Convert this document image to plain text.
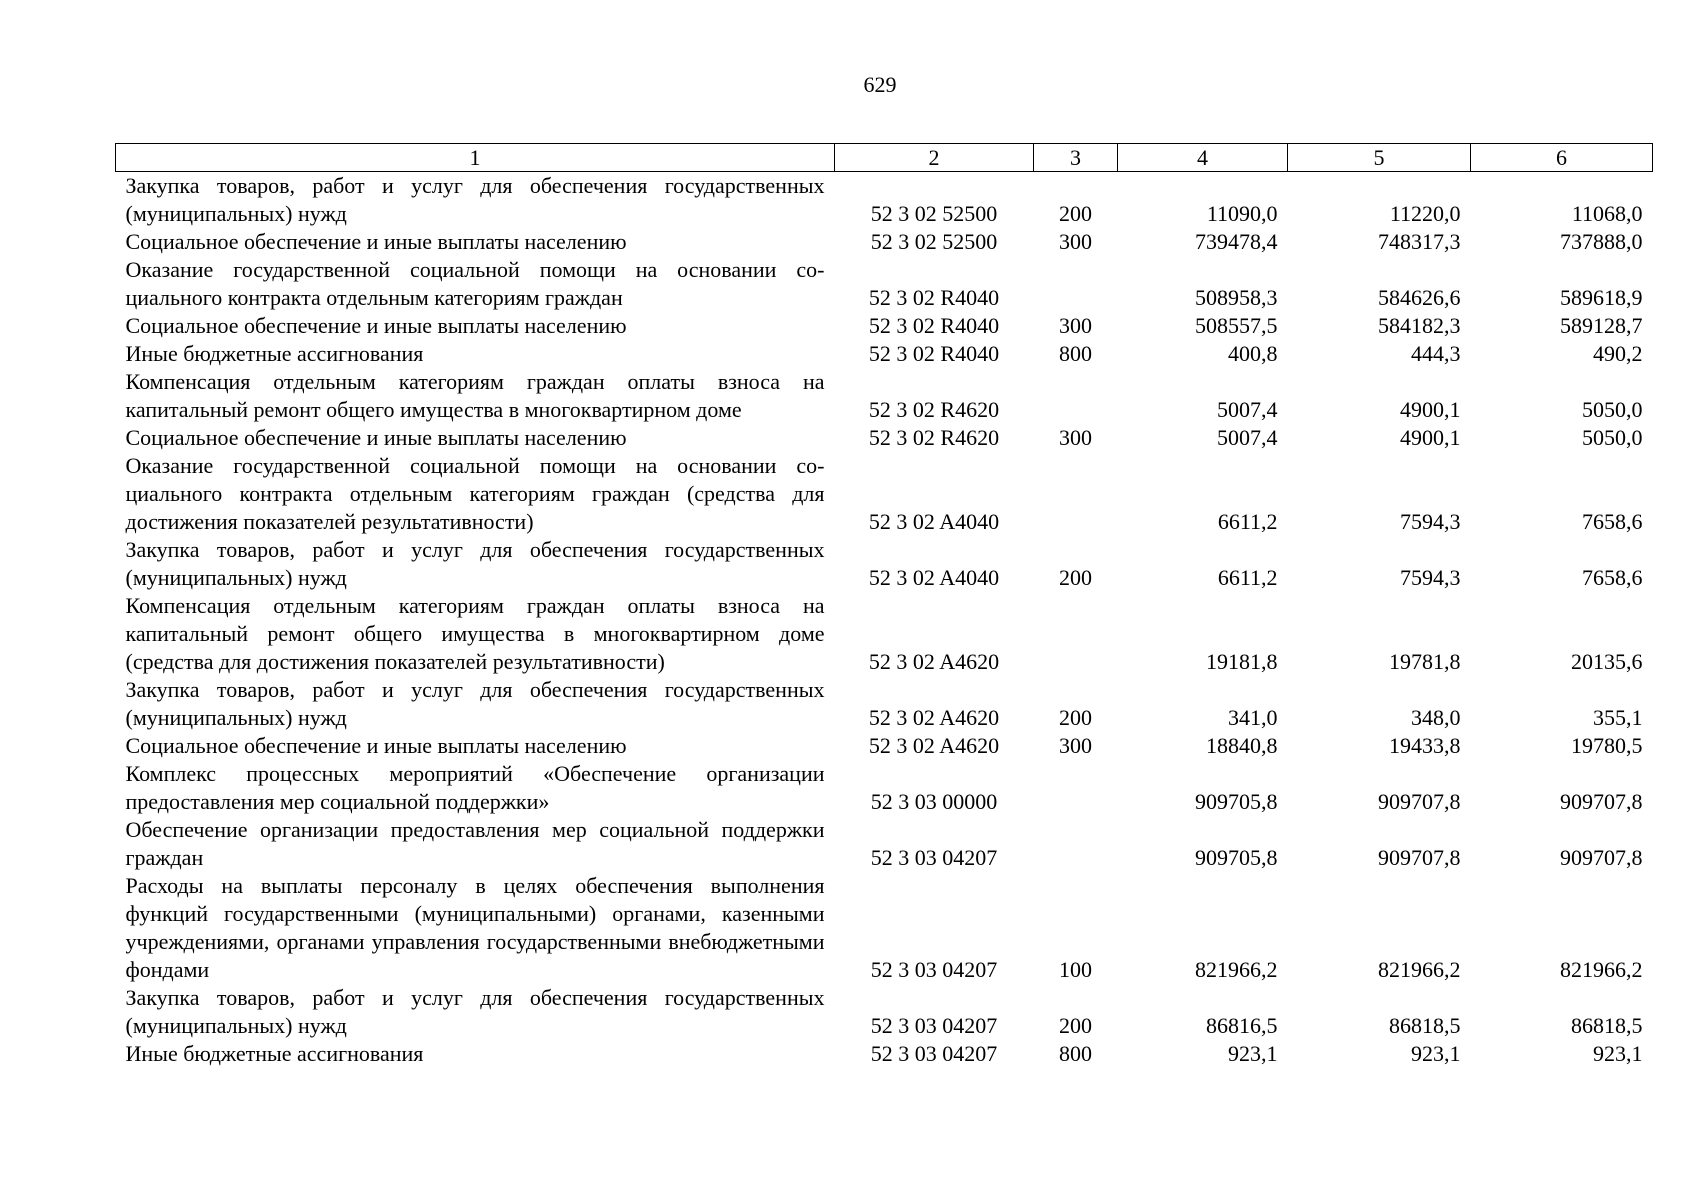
629
1	2	3	4	5	6

Закупка товаров, работ и услуг для обеспечения государственных (муниципальных) нужд	52 3 02 52500	200	11090,0	11220,0	11068,0

Социальное обеспечение и иные выплаты населению	52 3 02 52500	300	739478,4	748317,3	737888,0

Оказание государственной социальной помощи на основании социального контракта отдельным категориям граждан	52 3 02 R4040		508958,3	584626,6	589618,9

Социальное обеспечение и иные выплаты населению	52 3 02 R4040	300	508557,5	584182,3	589128,7

Иные бюджетные ассигнования	52 3 02 R4040	800	400,8	444,3	490,2

Компенсация отдельным категориям граждан оплаты взноса на капитальный ремонт общего имущества в многоквартирном доме	52 3 02 R4620		5007,4	4900,1	5050,0

Социальное обеспечение и иные выплаты населению	52 3 02 R4620	300	5007,4	4900,1	5050,0

Оказание государственной социальной помощи на основании социального контракта отдельным категориям граждан (средства для достижения показателей результативности)	52 3 02 A4040		6611,2	7594,3	7658,6

Закупка товаров, работ и услуг для обеспечения государственных (муниципальных) нужд	52 3 02 A4040	200	6611,2	7594,3	7658,6

Компенсация отдельным категориям граждан оплаты взноса на капитальный ремонт общего имущества в многоквартирном доме (средства для достижения показателей результативности)	52 3 02 A4620		19181,8	19781,8	20135,6

Закупка товаров, работ и услуг для обеспечения государственных (муниципальных) нужд	52 3 02 A4620	200	341,0	348,0	355,1

Социальное обеспечение и иные выплаты населению	52 3 02 A4620	300	18840,8	19433,8	19780,5

Комплекс процессных мероприятий «Обеспечение организации предоставления мер социальной поддержки»	52 3 03 00000		909705,8	909707,8	909707,8

Обеспечение организации предоставления мер социальной поддержки граждан	52 3 03 04207		909705,8	909707,8	909707,8

Расходы на выплаты персоналу в целях обеспечения выполнения функций государственными (муниципальными) органами, казенными учреждениями, органами управления государственными внебюджетными фондами	52 3 03 04207	100	821966,2	821966,2	821966,2

Закупка товаров, работ и услуг для обеспечения государственных (муниципальных) нужд	52 3 03 04207	200	86816,5	86818,5	86818,5

Иные бюджетные ассигнования	52 3 03 04207	800	923,1	923,1	923,1
